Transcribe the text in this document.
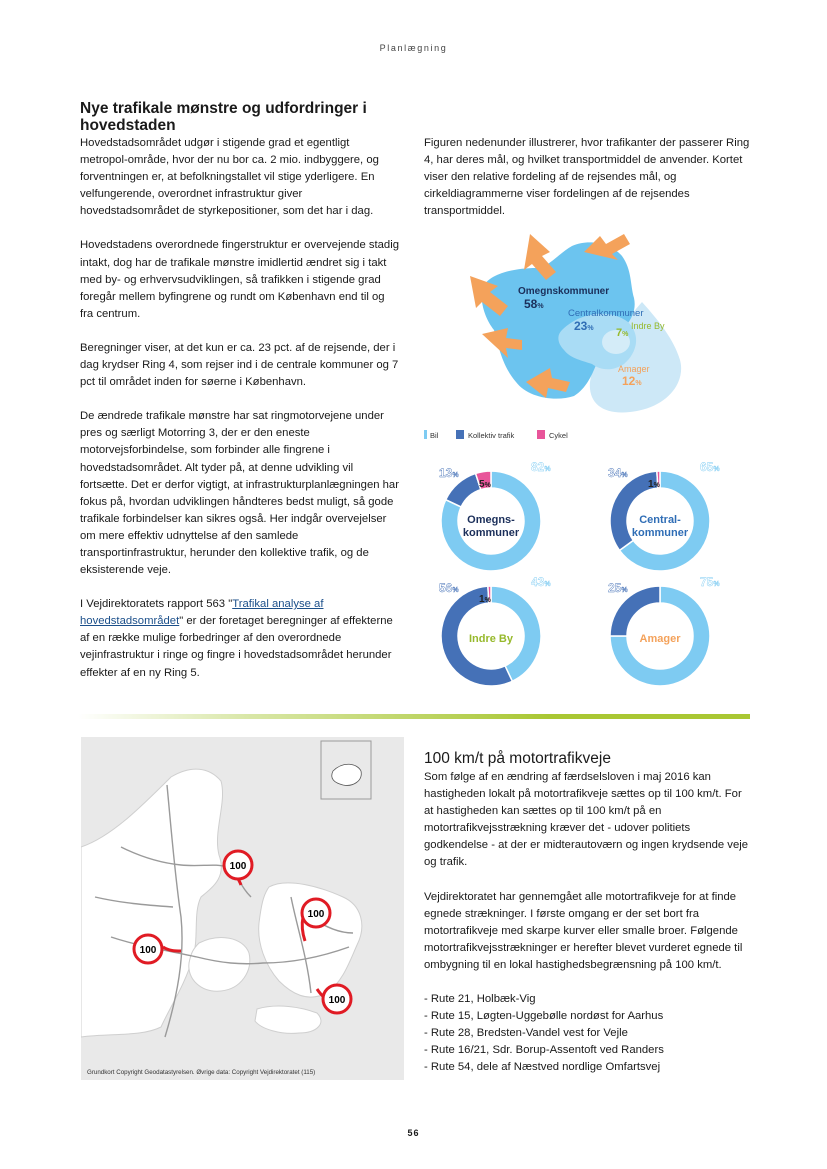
Planlægning
Nye trafikale mønstre og udfordringer i hovedstaden

Hovedstadsområdet udgør i stigende grad et egentligt metropol-område, hvor der nu bor ca. 2 mio. indbyggere, og forventningen er, at befolkningstallet vil stige yderligere. En velfungerende, overordnet infrastruktur giver hovedstadsområdet de styrkepositioner, som det har i dag.

Hovedstadens overordnede fingerstruktur er overvejende stadig intakt, dog har de trafikale mønstre imidlertid ændret sig i takt med by- og erhvervsudviklingen, så trafikken i stigende grad foregår mellem byfingrene og rundt om København end til og fra centrum.

Beregninger viser, at det kun er ca. 23 pct. af de rejsende, der i dag krydser Ring 4, som rejser ind i de centrale kommuner og 7 pct til området inden for søerne i København.

De ændrede trafikale mønstre har sat ringmotorvejene under pres og særligt Motorring 3, der er den eneste motorvejsforbindelse, som forbinder alle fingrene i hovedstadsområdet. Alt tyder på, at denne udvikling vil fortsætte. Det er derfor vigtigt, at infrastrukturplanlægningen har fokus på, hvordan udviklingen håndteres bedst muligt, så gode trafikale forbindelser kan sikres også. Her indgår overvejelser om mere effektiv udnyttelse af den samlede transportinfrastruktur, herunder den kollektive trafik, og de eksisterende veje.

I Vejdirektoratets rapport 563 "Trafikal analyse af hovedstadsområdet" er der foretaget beregninger af effekterne af en række mulige forbedringer af den overordnede vejinfrastruktur i ringe og fingre i hovedstadsområdet herunder effekter af en ny Ring 5.

Figuren nedenunder illustrerer, hvor trafikanter der passerer Ring 4, har deres mål, og hvilket transportmiddel de anvender. Kortet viser den relative fordeling af de rejsendes mål, og cirkeldiagrammerne viser fordelingen af de rejsendes transportmiddel.

Omegnskommuner
58%
Centralkommuner
23% 7%
Indre By
Amager
12%
Bil	Kollektiv trafik	Cykel
82%
13%
5%
Omegns-
kommuner
65%
34%
1%
Central-
kommuner
43%
56%
1%
Indre By
75%
25%
Amager
100
100
100
100
Grundkort Copyright Geodatastyrelsen. Øvrige data: Copyright Vejdirektoratet (115)
100 km/t på motortrafikveje

Som følge af en ændring af færdselsloven i maj 2016 kan hastigheden lokalt på motortrafikveje sættes op til 100 km/t. For at hastigheden kan sættes op til 100 km/t på en motortrafikvejsstrækning kræver det - udover politiets godkendelse - at der er midterautoværn og ingen krydsende veje og trafik.

Vejdirektoratet har gennemgået alle motortrafikveje for at finde egnede strækninger. I første omgang er der set bort fra motortrafikveje med skarpe kurver eller smalle broer. Følgende motortrafikvejsstrækninger er herefter blevet vurderet egnede til ombygning til en lokal hastighedsbegrænsning på 100 km/t.

- Rute 21, Holbæk-Vig
- Rute 15, Løgten-Uggebølle nordøst for Aarhus
- Rute 28, Bredsten-Vandel vest for Vejle
- Rute 16/21, Sdr. Borup-Assentoft ved Randers
- Rute 54, dele af Næstved nordlige Omfartsvej
56
